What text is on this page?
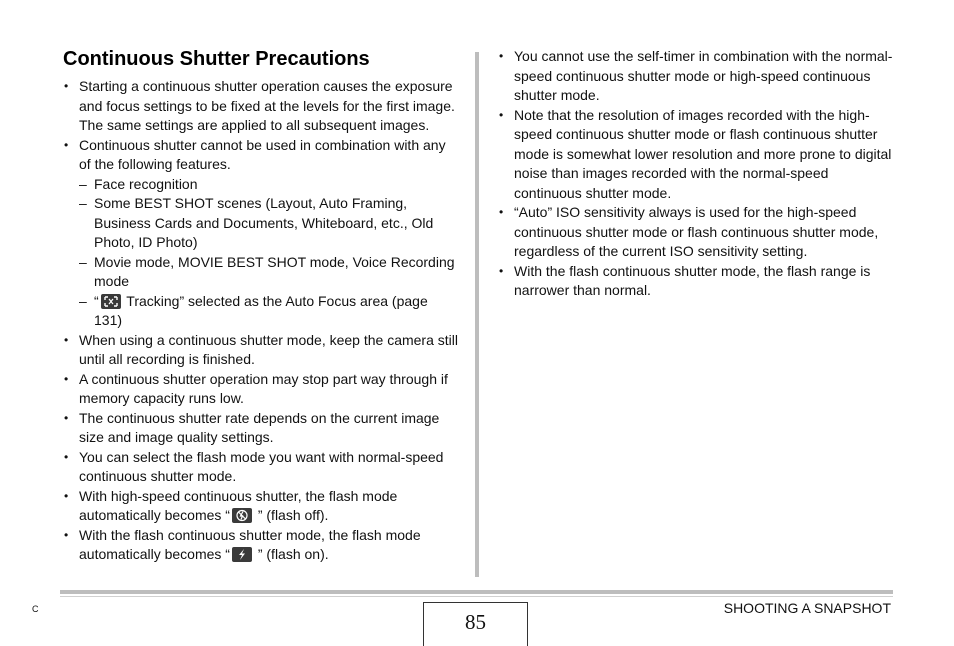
Continuous Shutter Precautions
• Starting a continuous shutter operation causes the exposure and focus settings to be fixed at the levels for the first image. The same settings are applied to all subsequent images.
• Continuous shutter cannot be used in combination with any of the following features.
– Face recognition
– Some BEST SHOT scenes (Layout, Auto Framing, Business Cards and Documents, Whiteboard, etc., Old Photo, ID Photo)
– Movie mode, MOVIE BEST SHOT mode, Voice Recording mode
– “
Tracking” selected as the Auto Focus area (page 131)
• When using a continuous shutter mode, keep the camera still until all recording is finished.
• A continuous shutter operation may stop part way through if memory capacity runs low.
• The continuous shutter rate depends on the current image size and image quality settings.
• You can select the flash mode you want with normal-speed continuous shutter mode.
• With high-speed continuous shutter, the flash mode automatically becomes “
” (flash off).
• With the flash continuous shutter mode, the flash mode automatically becomes “
” (flash on).
• You cannot use the self-timer in combination with the normal-speed continuous shutter mode or high-speed continuous shutter mode.
• Note that the resolution of images recorded with the high-speed continuous shutter mode or flash continuous shutter mode is somewhat lower resolution and more prone to digital noise than images recorded with the normal-speed continuous shutter mode.
• “Auto” ISO sensitivity always is used for the high-speed continuous shutter mode or flash continuous shutter mode, regardless of the current ISO sensitivity setting.
• With the flash continuous shutter mode, the flash range is narrower than normal.
C
85
SHOOTING A SNAPSHOT
